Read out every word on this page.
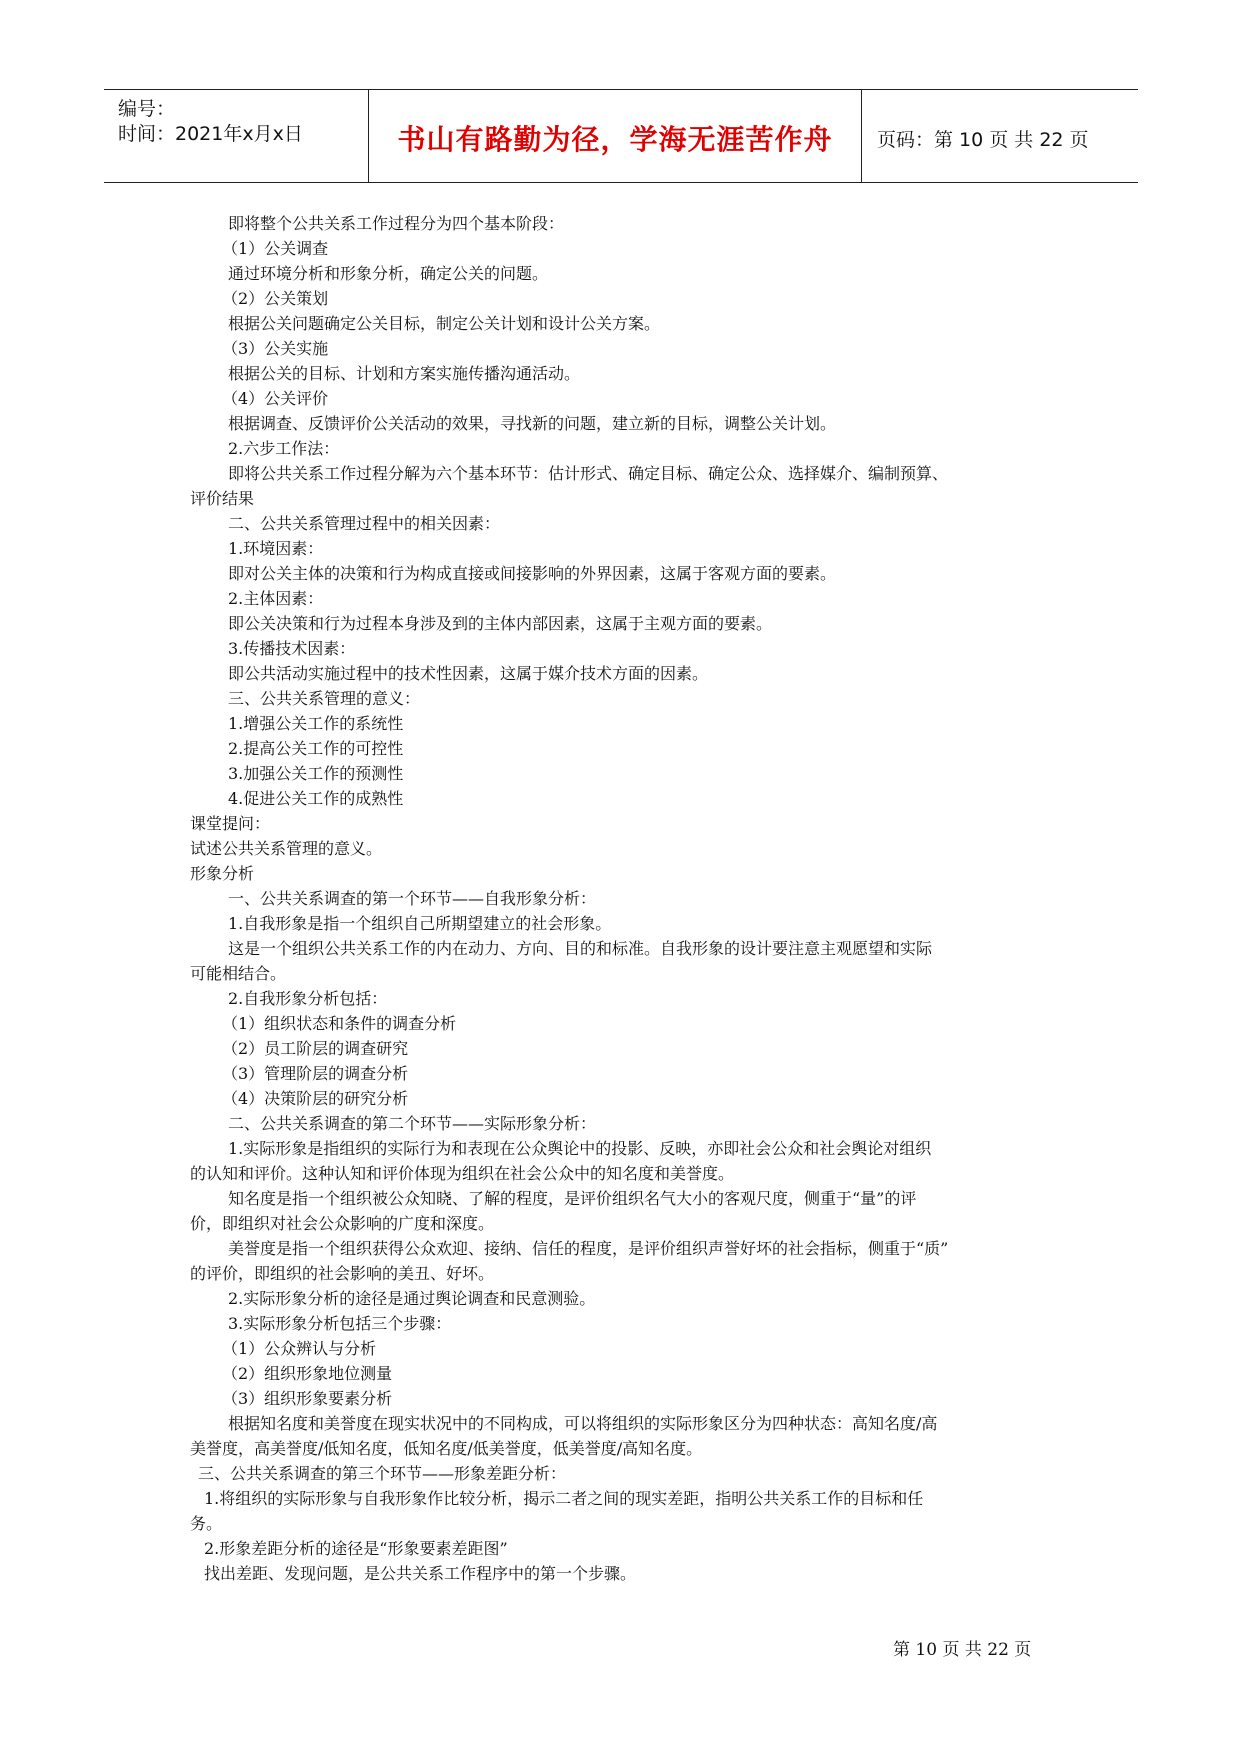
编号：
时间：2021年x月x日	书山有路勤为径，学海无涯苦作舟	页码：第 10 页 共 22 页
即将整个公共关系工作过程分为四个基本阶段：
（1）公关调查
通过环境分析和形象分析，确定公关的问题。
（2）公关策划
根据公关问题确定公关目标，制定公关计划和设计公关方案。
（3）公关实施
根据公关的目标、计划和方案实施传播沟通活动。
（4）公关评价
根据调查、反馈评价公关活动的效果，寻找新的问题，建立新的目标，调整公关计划。
2.六步工作法：
即将公共关系工作过程分解为六个基本环节：估计形式、确定目标、确定公众、选择媒介、编制预算、
评价结果
二、公共关系管理过程中的相关因素：
1.环境因素：
即对公关主体的决策和行为构成直接或间接影响的外界因素，这属于客观方面的要素。
2.主体因素：
即公关决策和行为过程本身涉及到的主体内部因素，这属于主观方面的要素。
3.传播技术因素：
即公共活动实施过程中的技术性因素，这属于媒介技术方面的因素。
三、公共关系管理的意义：
1.增强公关工作的系统性
2.提高公关工作的可控性
3.加强公关工作的预测性
4.促进公关工作的成熟性
课堂提问：
试述公共关系管理的意义。
形象分析
一、公共关系调查的第一个环节——自我形象分析：
1.自我形象是指一个组织自己所期望建立的社会形象。
这是一个组织公共关系工作的内在动力、方向、目的和标准。自我形象的设计要注意主观愿望和实际
可能相结合。
2.自我形象分析包括：
（1）组织状态和条件的调查分析
（2）员工阶层的调查研究
（3）管理阶层的调查分析
（4）决策阶层的研究分析
二、公共关系调查的第二个环节——实际形象分析：
1.实际形象是指组织的实际行为和表现在公众舆论中的投影、反映，亦即社会公众和社会舆论对组织
的认知和评价。这种认知和评价体现为组织在社会公众中的知名度和美誉度。
知名度是指一个组织被公众知晓、了解的程度，是评价组织名气大小的客观尺度，侧重于“量”的评
价，即组织对社会公众影响的广度和深度。
美誉度是指一个组织获得公众欢迎、接纳、信任的程度，是评价组织声誉好坏的社会指标，侧重于“质”
的评价，即组织的社会影响的美丑、好坏。
2.实际形象分析的途径是通过舆论调查和民意测验。
3.实际形象分析包括三个步骤：
（1）公众辨认与分析
（2）组织形象地位测量
（3）组织形象要素分析
根据知名度和美誉度在现实状况中的不同构成，可以将组织的实际形象区分为四种状态：高知名度/高
美誉度，高美誉度/低知名度，低知名度/低美誉度，低美誉度/高知名度。
三、公共关系调查的第三个环节——形象差距分析：
1.将组织的实际形象与自我形象作比较分析，揭示二者之间的现实差距，指明公共关系工作的目标和任
务。
2.形象差距分析的途径是“形象要素差距图”
找出差距、发现问题，是公共关系工作程序中的第一个步骤。
第 10 页 共 22 页
